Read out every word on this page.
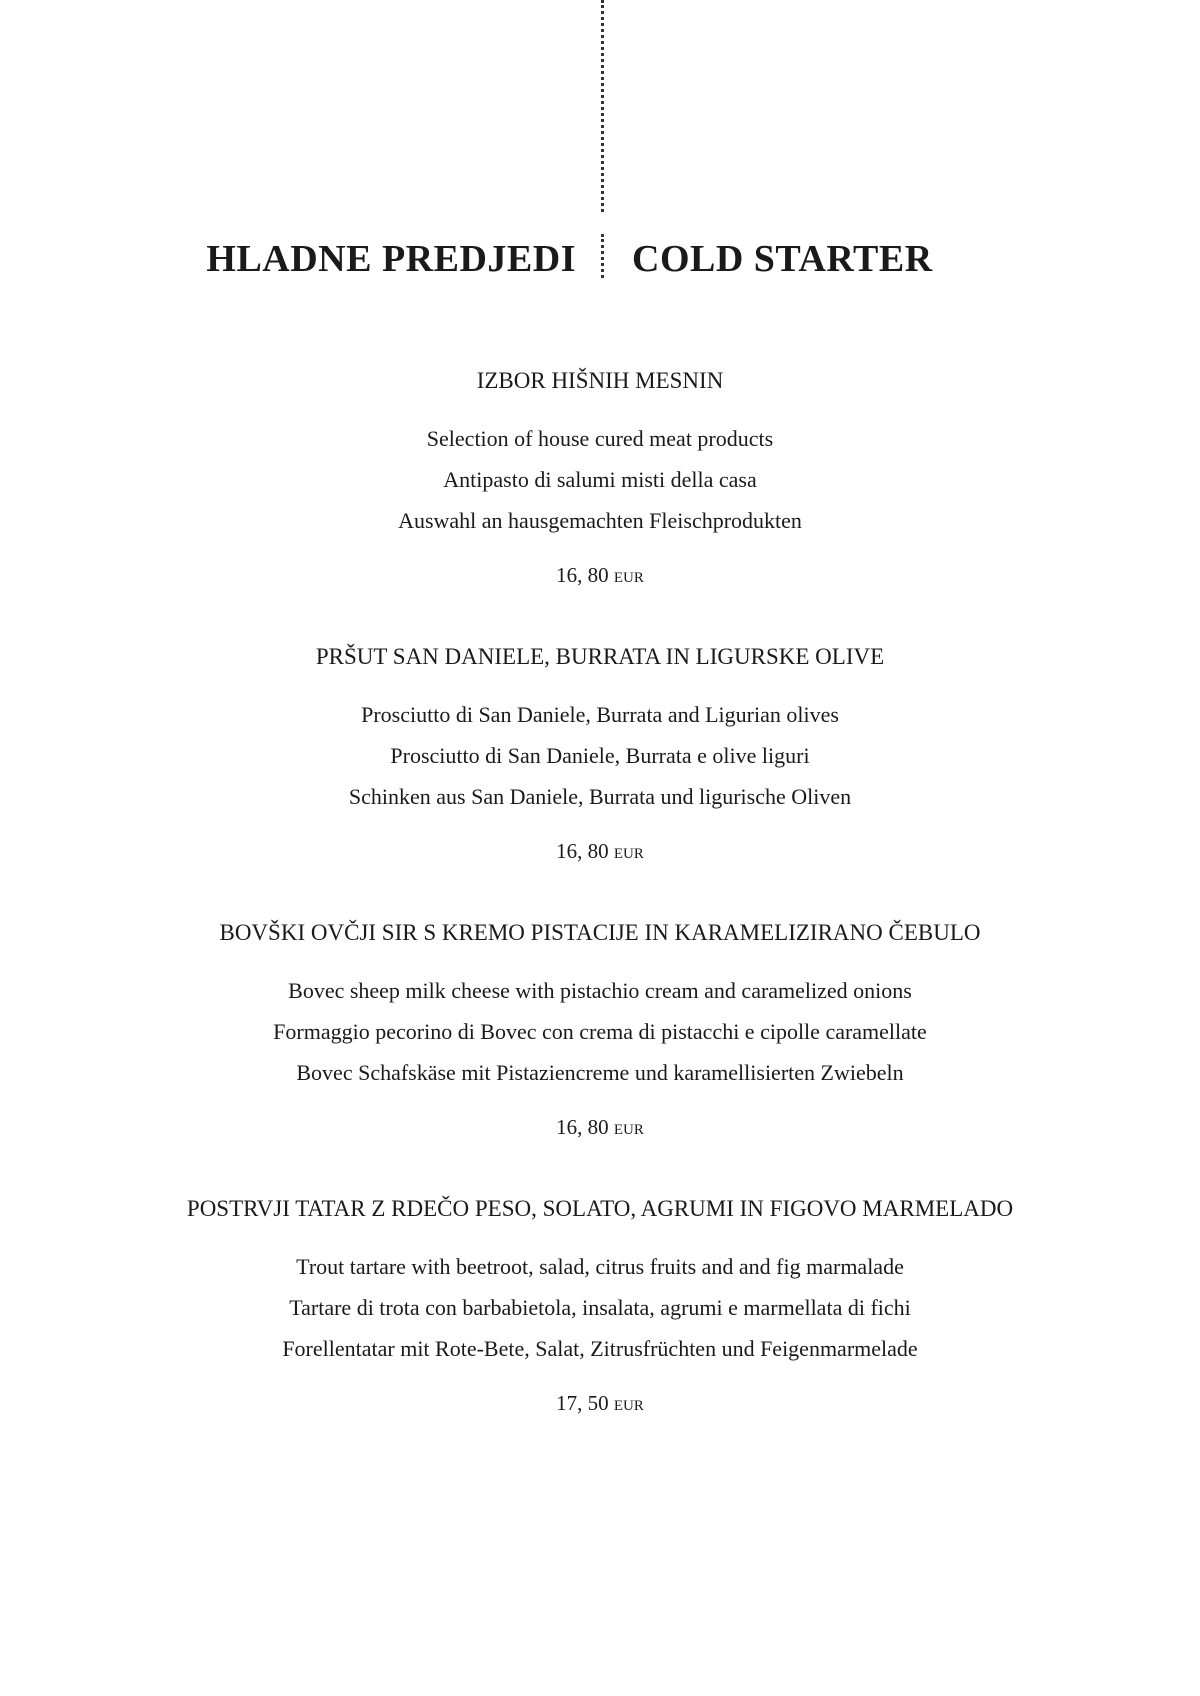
HLADNE PREDJEDI COLD STARTER
IZBOR HIŠNIH MESNIN
Selection of house cured meat products
Antipasto di salumi misti della casa
Auswahl an hausgemachten Fleischprodukten
16, 80 EUR
PRŠUT SAN DANIELE, BURRATA IN LIGURSKE OLIVE
Prosciutto di San Daniele, Burrata and Ligurian olives
Prosciutto di San Daniele, Burrata e olive liguri
Schinken aus San Daniele, Burrata und ligurische Oliven
16, 80 EUR
BOVŠKI OVČJI SIR S KREMO PISTACIJE IN KARAMELIZIRANO ČEBULO
Bovec sheep milk cheese with pistachio cream and caramelized onions
Formaggio pecorino di Bovec con crema di pistacchi e cipolle caramellate
Bovec Schafskäse mit Pistaziencreme und karamellisierten Zwiebeln
16, 80 EUR
POSTRVJI TATAR Z RDEČO PESO, SOLATO, AGRUMI IN FIGOVO MARMELADO
Trout tartare with beetroot, salad, citrus fruits and and fig marmalade
Tartare di trota con barbabietola, insalata, agrumi e marmellata di fichi
Forellentatar mit Rote-Bete, Salat, Zitrusfrüchten und Feigenmarmelade
17, 50 EUR
